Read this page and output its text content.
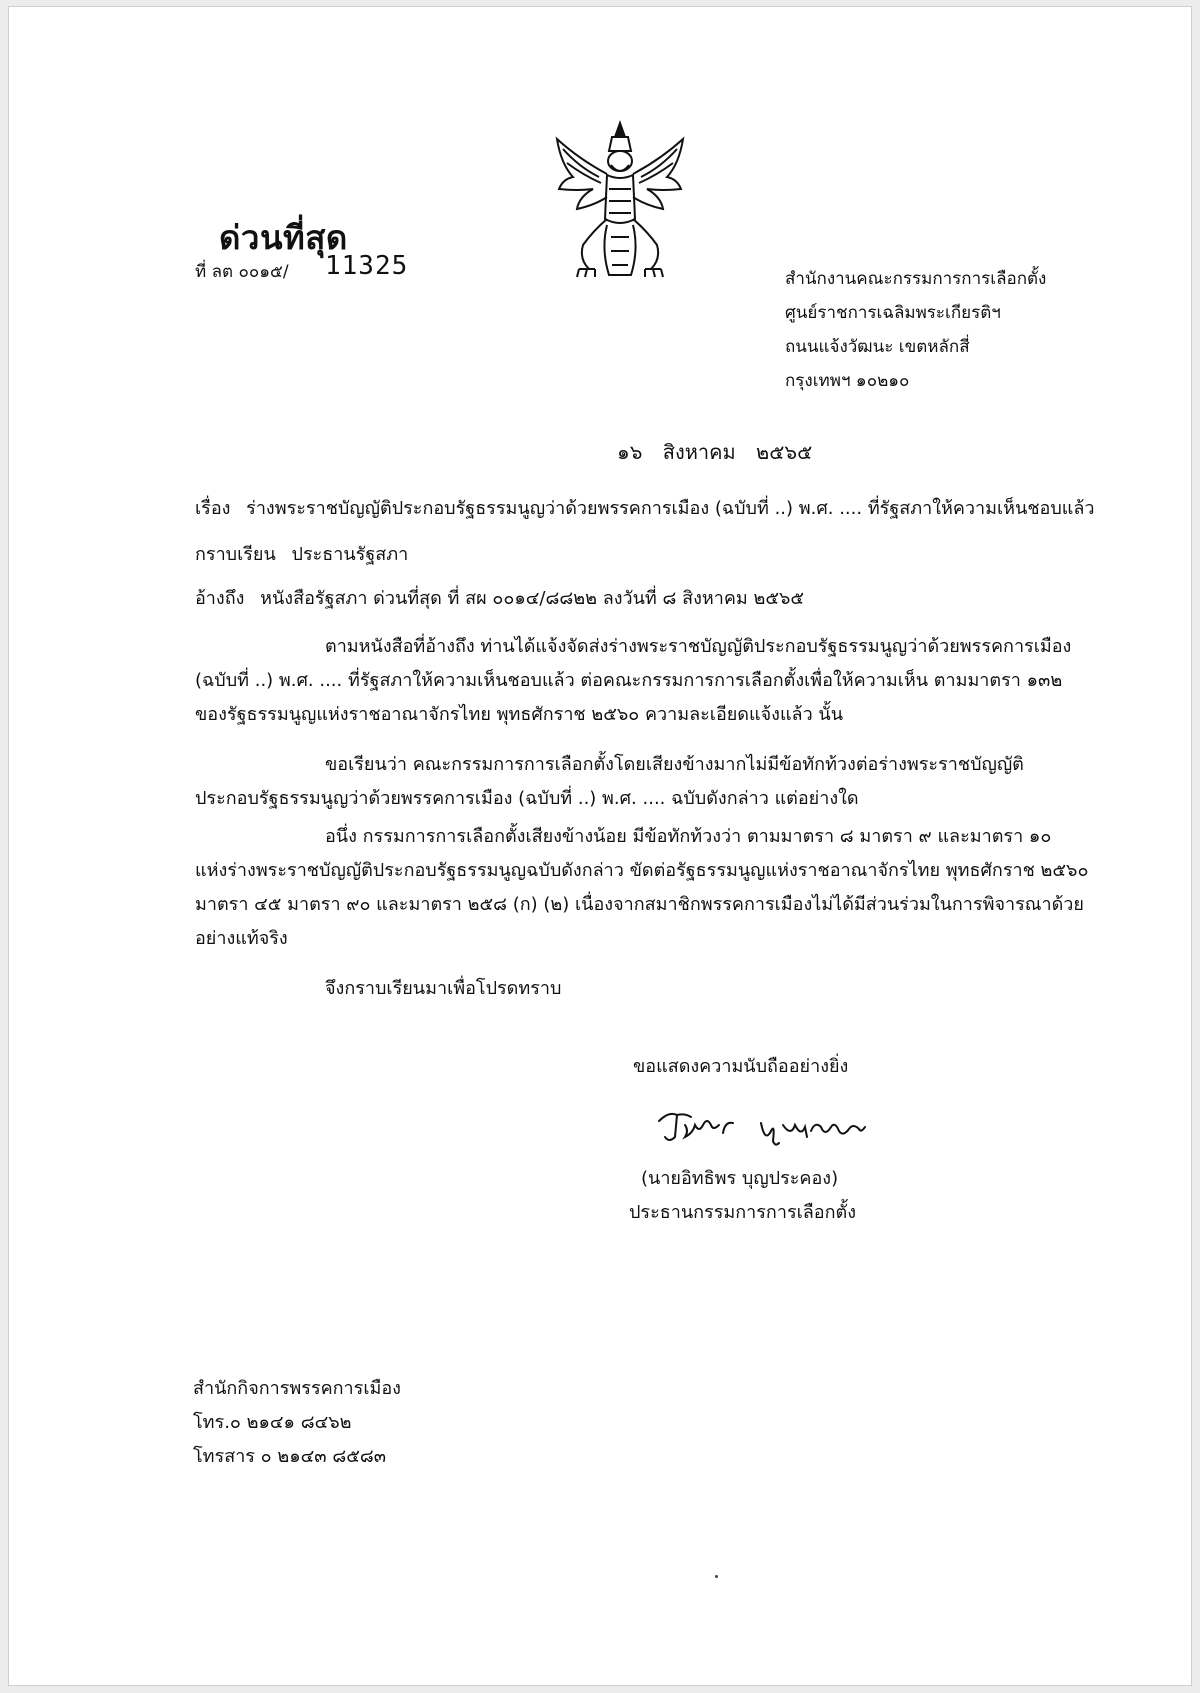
ด่วนที่สุด
ที่ ลต ๐๐๑๕/ 11325	สำนักงานคณะกรรมการการเลือกตั้ง
ศูนย์ราชการเฉลิมพระเกียรติฯ
ถนนแจ้งวัฒนะ เขตหลักสี่
กรุงเทพฯ ๑๐๒๑๐
๑๖ สิงหาคม ๒๕๖๕
เรื่อง ร่างพระราชบัญญัติประกอบรัฐธรรมนูญว่าด้วยพรรคการเมือง (ฉบับที่ ..) พ.ศ. .... ที่รัฐสภาให้ความเห็นชอบแล้ว
กราบเรียน ประธานรัฐสภา
อ้างถึง หนังสือรัฐสภา ด่วนที่สุด ที่ สผ ๐๐๑๔/๘๘๒๒ ลงวันที่ ๘ สิงหาคม ๒๕๖๕
ตามหนังสือที่อ้างถึง ท่านได้แจ้งจัดส่งร่างพระราชบัญญัติประกอบรัฐธรรมนูญว่าด้วยพรรคการเมือง
(ฉบับที่ ..) พ.ศ. .... ที่รัฐสภาให้ความเห็นชอบแล้ว ต่อคณะกรรมการการเลือกตั้งเพื่อให้ความเห็น ตามมาตรา ๑๓๒
ของรัฐธรรมนูญแห่งราชอาณาจักรไทย พุทธศักราช ๒๕๖๐ ความละเอียดแจ้งแล้ว นั้น
ขอเรียนว่า คณะกรรมการการเลือกตั้งโดยเสียงข้างมากไม่มีข้อทักท้วงต่อร่างพระราชบัญญัติ
ประกอบรัฐธรรมนูญว่าด้วยพรรคการเมือง (ฉบับที่ ..) พ.ศ. .... ฉบับดังกล่าว แต่อย่างใด
อนึ่ง กรรมการการเลือกตั้งเสียงข้างน้อย มีข้อทักท้วงว่า ตามมาตรา ๘ มาตรา ๙ และมาตรา ๑๐
แห่งร่างพระราชบัญญัติประกอบรัฐธรรมนูญฉบับดังกล่าว ขัดต่อรัฐธรรมนูญแห่งราชอาณาจักรไทย พุทธศักราช ๒๕๖๐
มาตรา ๔๕ มาตรา ๙๐ และมาตรา ๒๕๘ (ก) (๒) เนื่องจากสมาชิกพรรคการเมืองไม่ได้มีส่วนร่วมในการพิจารณาด้วย
อย่างแท้จริง
จึงกราบเรียนมาเพื่อโปรดทราบ
ขอแสดงความนับถืออย่างยิ่ง
(นายอิทธิพร บุญประคอง)
ประธานกรรมการการเลือกตั้ง
สำนักกิจการพรรคการเมือง
โทร.๐ ๒๑๔๑ ๘๔๖๒
โทรสาร ๐ ๒๑๔๓ ๘๕๘๓
